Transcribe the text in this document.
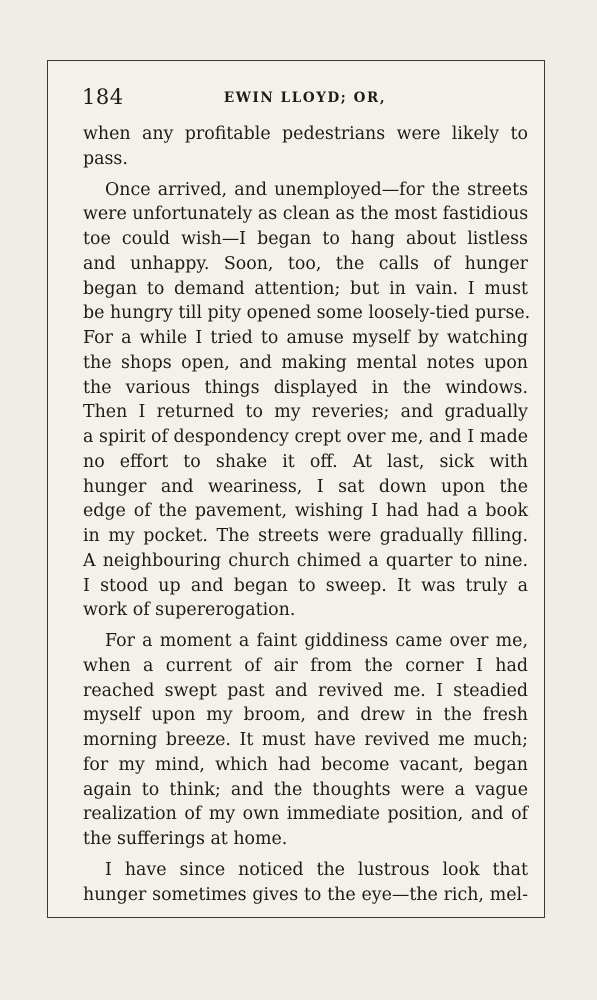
184	EWIN LLOYD; OR,
when any profitable pedestrians were likely to
pass.
Once arrived, and unemployed—for the streets
were unfortunately as clean as the most fastidious
toe could wish—I began to hang about listless
and unhappy. Soon, too, the calls of hunger
began to demand attention; but in vain. I must
be hungry till pity opened some loosely-tied purse.
For a while I tried to amuse myself by watching
the shops open, and making mental notes upon
the various things displayed in the windows.
Then I returned to my reveries; and gradually
a spirit of despondency crept over me, and I made
no effort to shake it off. At last, sick with
hunger and weariness, I sat down upon the
edge of the pavement, wishing I had had a book
in my pocket. The streets were gradually filling.
A neighbouring church chimed a quarter to nine.
I stood up and began to sweep. It was truly a
work of supererogation.
For a moment a faint giddiness came over me,
when a current of air from the corner I had
reached swept past and revived me. I steadied
myself upon my broom, and drew in the fresh
morning breeze. It must have revived me much;
for my mind, which had become vacant, began
again to think; and the thoughts were a vague
realization of my own immediate position, and of
the sufferings at home.
I have since noticed the lustrous look that
hunger sometimes gives to the eye—the rich, mel-
